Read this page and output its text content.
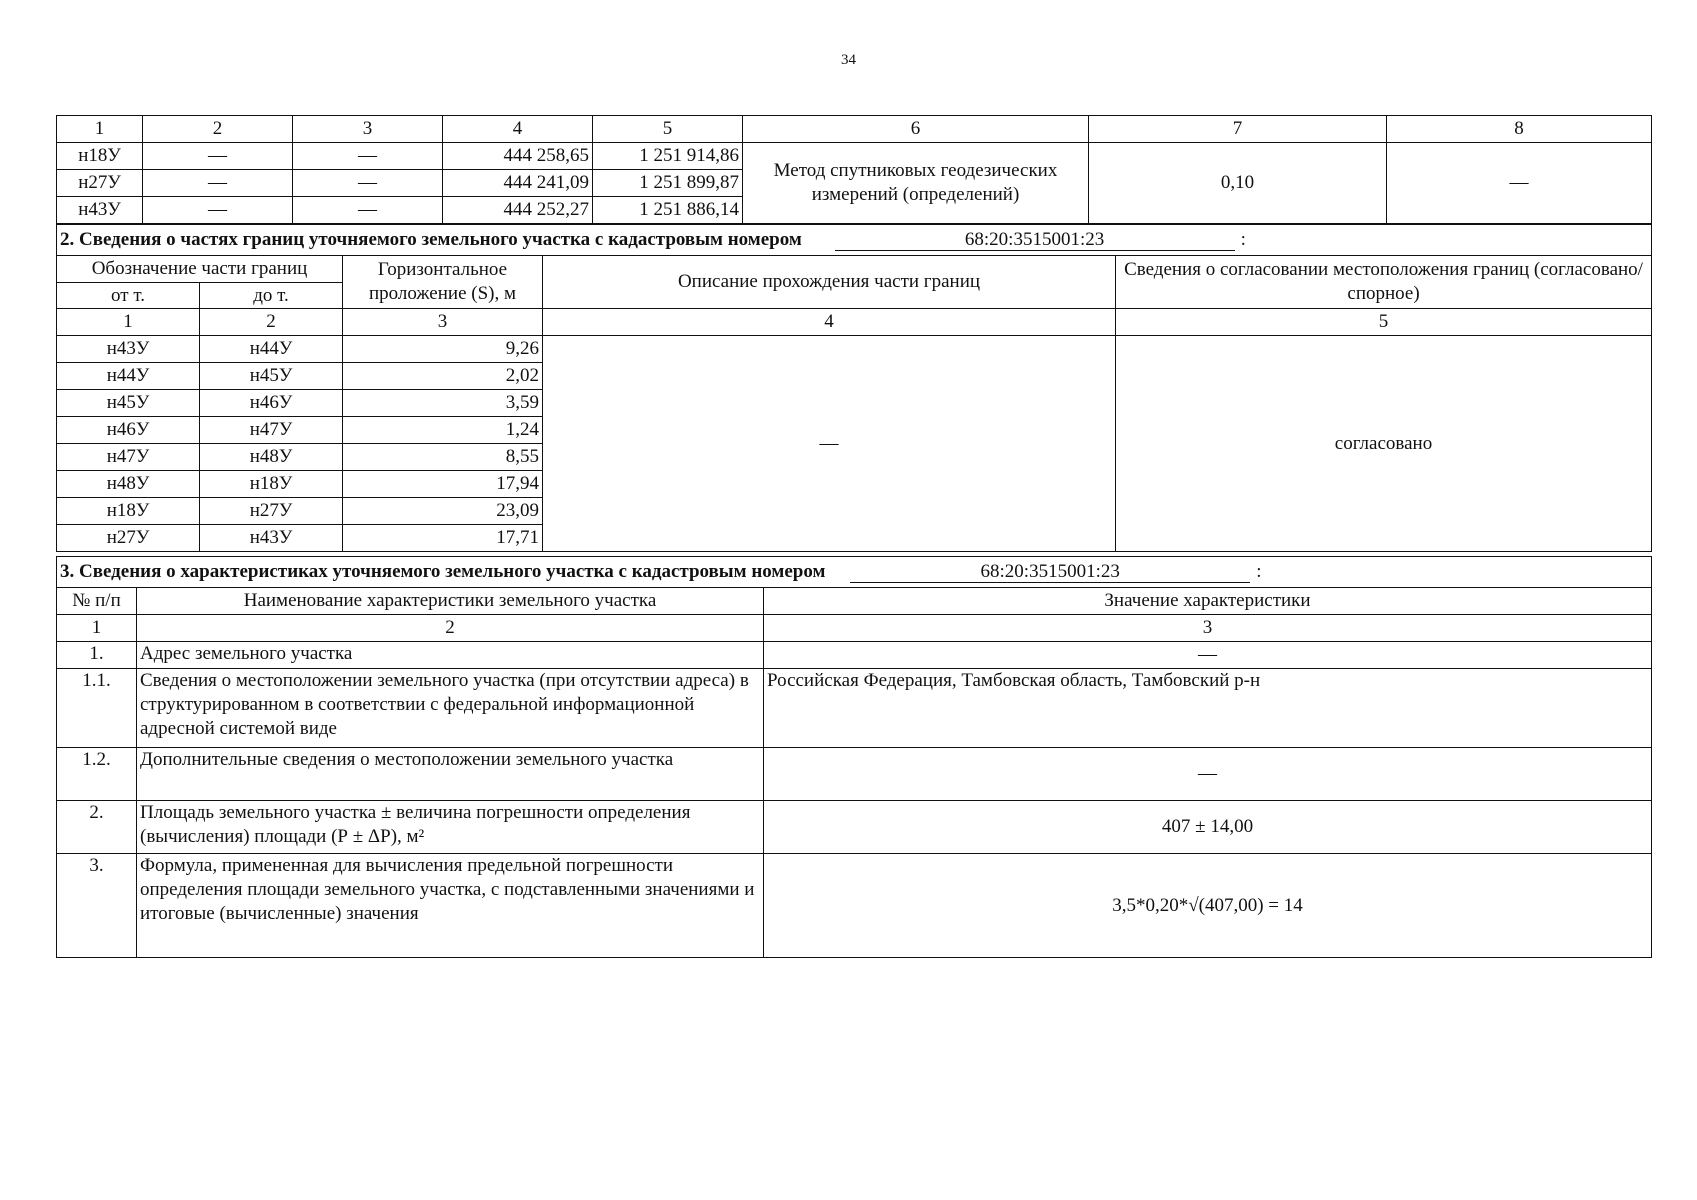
34
1	2	3	4	5	6	7	8
н18У	—	—	444 258,65	1 251 914,86	Метод спутниковых геодезических измерений (определений)	0,10	—
н27У	—	—	444 241,09	1 251 899,87			
н43У	—	—	444 252,27	1 251 886,14			
2. Сведения о частях границ уточняемого земельного участка с кадастровым номером 68:20:3515001:23 :				
Обозначение части границ		Горизонтальное проложение (S), м	Описание прохождения части границ	Сведения о согласовании местоположения границ (согласовано/спорное)
от т.	до т.			
1	2	3	4	5
н43У	н44У	9,26	—	согласовано
н44У	н45У	2,02		
н45У	н46У	3,59		
н46У	н47У	1,24		
н47У	н48У	8,55		
н48У	н18У	17,94		
н18У	н27У	23,09		
н27У	н43У	17,71		
3. Сведения о характеристиках уточняемого земельного участка с кадастровым номером 68:20:3515001:23 :		
№ п/п	Наименование характеристики земельного участка	Значение характеристики
1	2	3
1.	Адрес земельного участка	—
1.1.	Сведения о местоположении земельного участка (при отсутствии адреса) в структурированном в соответствии с федеральной информационной адресной системой виде	Российская Федерация, Тамбовская область, Тамбовский р-н
1.2.	Дополнительные сведения о местоположении земельного участка	—
2.	Площадь земельного участка ± величина погрешности определения (вычисления) площади (Р ± ΔР), м²	407 ± 14,00
3.	Формула, примененная для вычисления предельной погрешности определения площади земельного участка, с подставленными значениями и итоговые (вычисленные) значения	3,5*0,20*√(407,00) = 14
